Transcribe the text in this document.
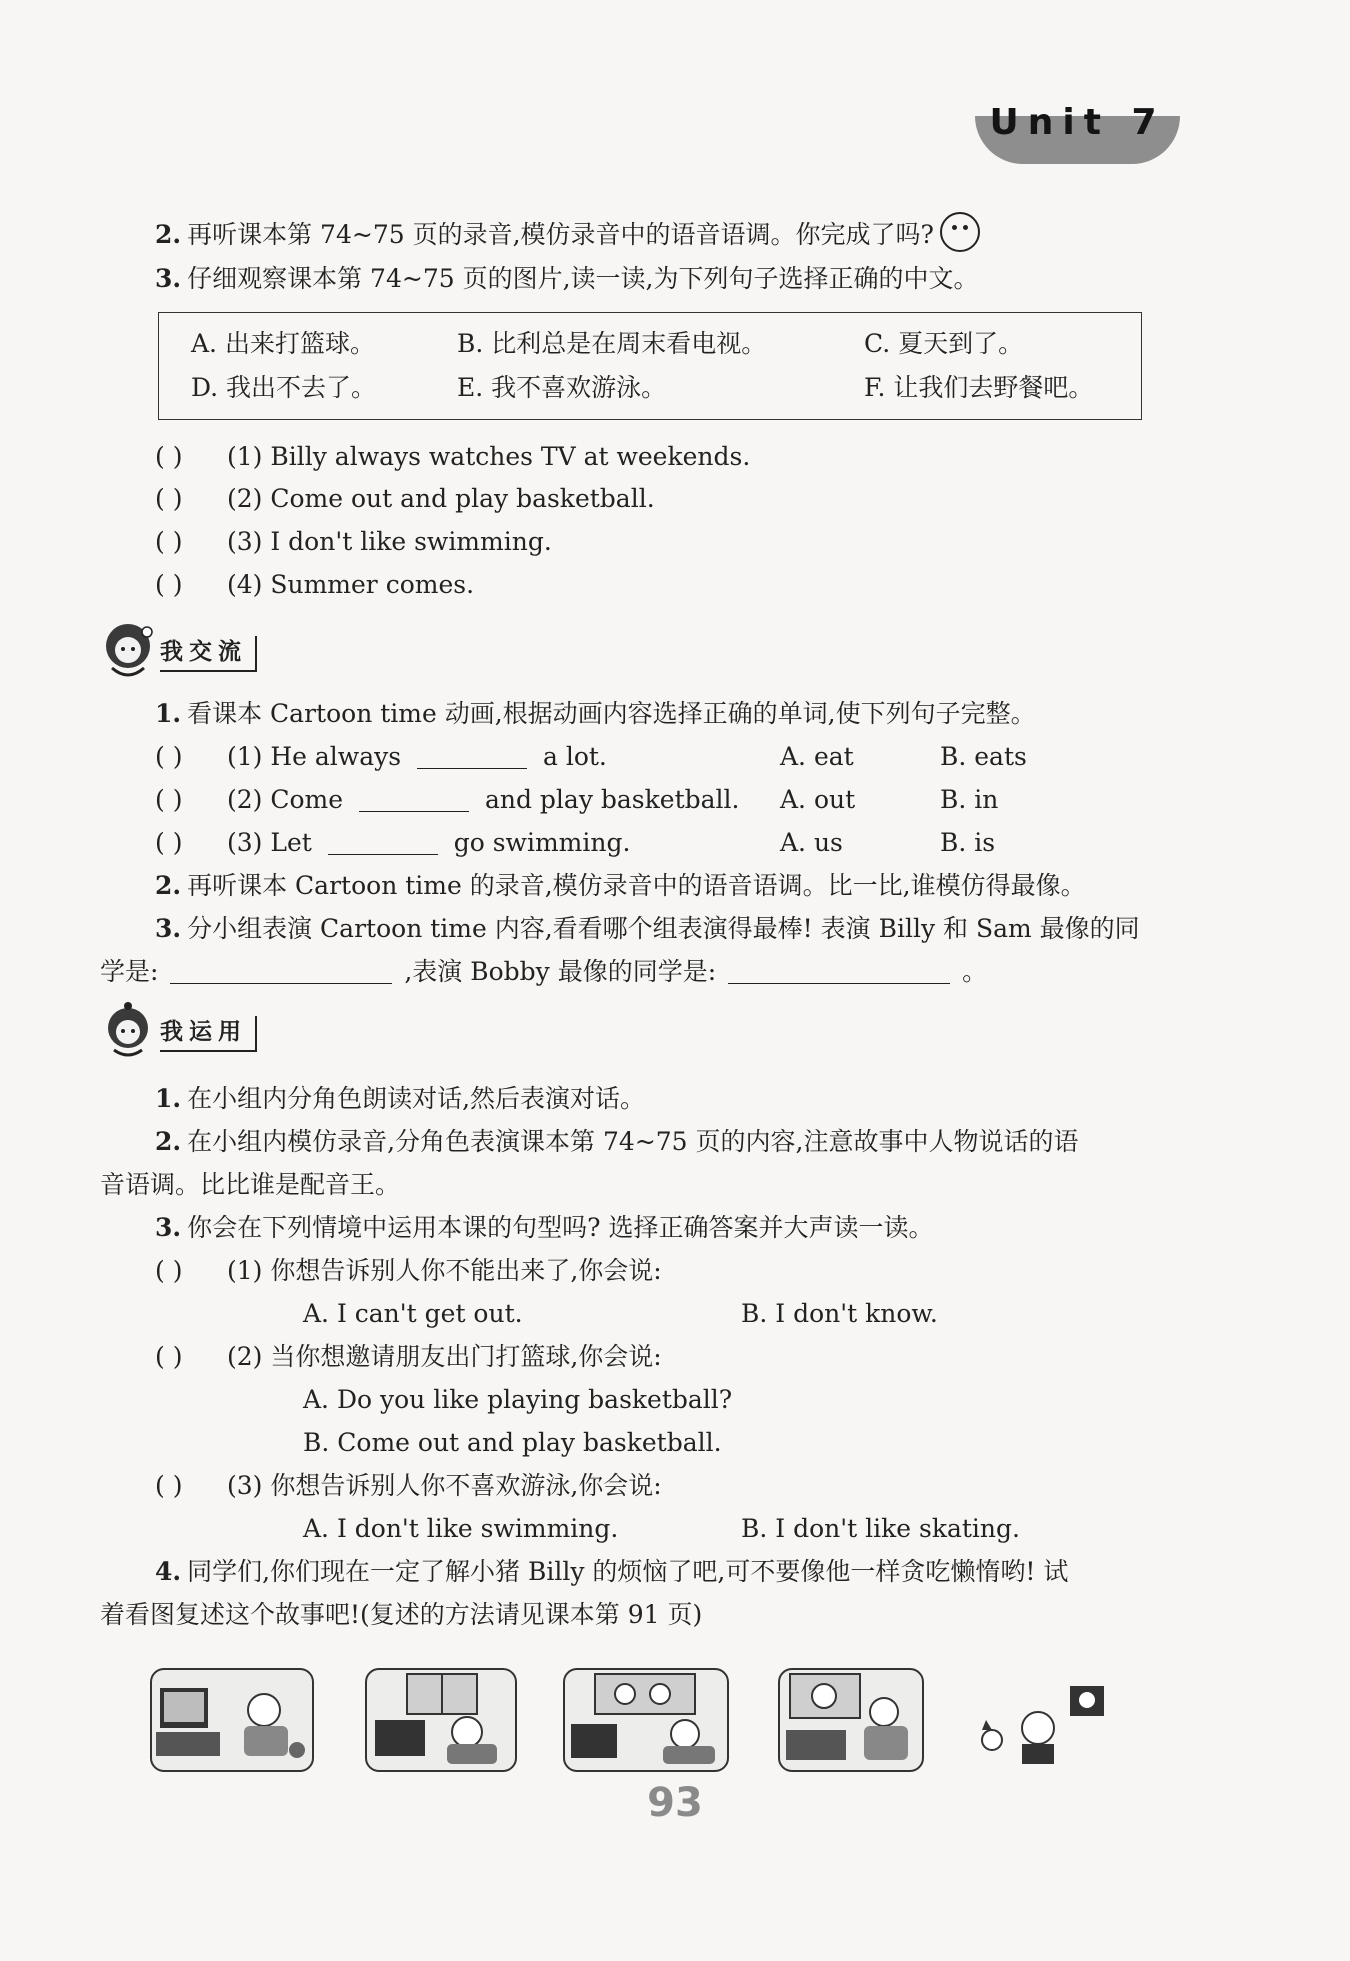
Unit 7
2. 再听课本第 74~75 页的录音,模仿录音中的语音语调。你完成了吗?
3. 仔细观察课本第 74~75 页的图片,读一读,为下列句子选择正确的中文。
A. 出来打篮球。	B. 比利总是在周末看电视。	C. 夏天到了。
D. 我出不去了。	E. 我不喜欢游泳。	F. 让我们去野餐吧。
( ) (1) Billy always watches TV at weekends.
( ) (2) Come out and play basketball.
( ) (3) I don't like swimming.
( ) (4) Summer comes.
我交流
1. 看课本 Cartoon time 动画,根据动画内容选择正确的单词,使下列句子完整。
( ) (1) He always	a lot.	A. eat	B. eats
( ) (2) Come	and play basketball. A. out	B. in
( ) (3) Let	go swimming.	A. us	B. is
2. 再听课本 Cartoon time 的录音,模仿录音中的语音语调。比一比,谁模仿得最像。
3. 分小组表演 Cartoon time 内容,看看哪个组表演得最棒! 表演 Billy 和 Sam 最像的同
学是:	,表演 Bobby 最像的同学是:	。
我运用
1. 在小组内分角色朗读对话,然后表演对话。
2. 在小组内模仿录音,分角色表演课本第 74~75 页的内容,注意故事中人物说话的语
音语调。比比谁是配音王。
3. 你会在下列情境中运用本课的句型吗? 选择正确答案并大声读一读。
( ) (1) 你想告诉别人你不能出来了,你会说:
A. I can't get out.	B. I don't know.
( ) (2) 当你想邀请朋友出门打篮球,你会说:
A. Do you like playing basketball?
B. Come out and play basketball.
( ) (3) 你想告诉别人你不喜欢游泳,你会说:
A. I don't like swimming.	B. I don't like skating.
4. 同学们,你们现在一定了解小猪 Billy 的烦恼了吧,可不要像他一样贪吃懒惰哟! 试
着看图复述这个故事吧!(复述的方法请见课本第 91 页)
93
